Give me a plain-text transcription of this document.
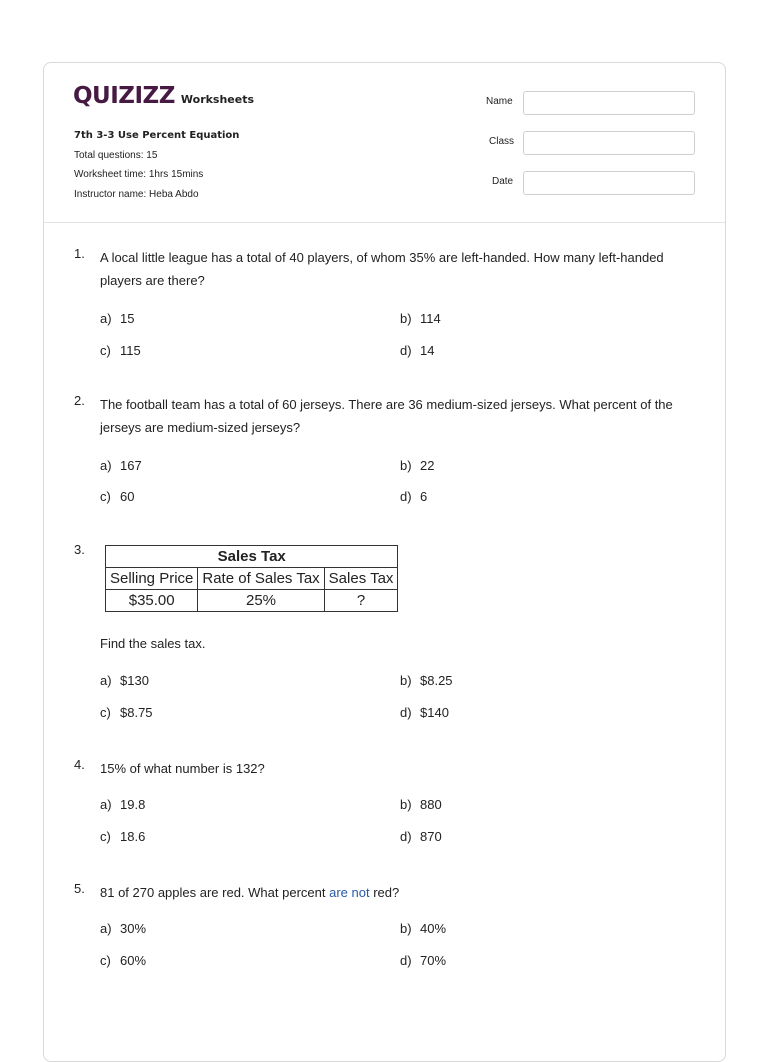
QUIZIZZ Worksheets
7th 3-3 Use Percent Equation
Total questions: 15
Worksheet time: 1hrs 15mins
Instructor name: Heba Abdo
Name
Class
Date
1.	A local little league has a total of 40 players, of whom 35% are left-handed. How many left-handed players are there?
a) 15	b) 114
c) 115	d) 14
2.	The football team has a total of 60 jerseys. There are 36 medium-sized jerseys. What percent of the jerseys are medium-sized jerseys?
a) 167	b) 22
c) 60	d) 6
3.	Sales Tax		
Selling Price	Rate of Sales Tax	Sales Tax
$35.00	25%	?
Find the sales tax.
a) $130	b) $8.25
c) $8.75	d) $140
4.	15% of what number is 132?
a) 19.8	b) 880
c) 18.6	d) 870
5.	81 of 270 apples are red. What percent are not red?
a) 30%	b) 40%
c) 60%	d) 70%
